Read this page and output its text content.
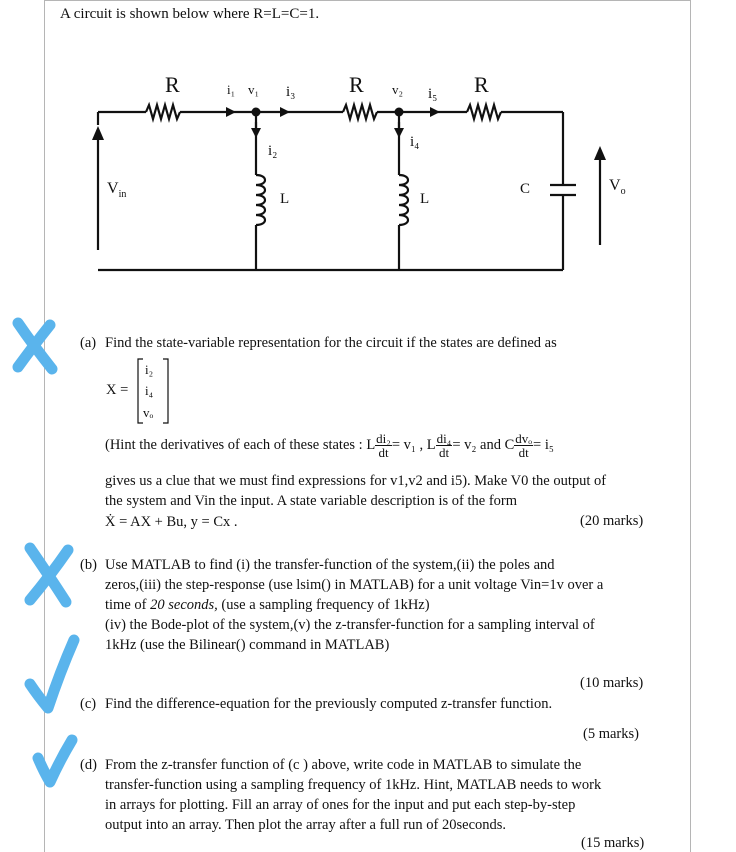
A circuit is shown below where R=L=C=1.
R	i₁ v₁ i₃ R v₂ i₅ R
i₂
i₄
L	L
C
$V_{in}$
$V_o$
(a) Find the state-variable representation for the circuit if the states are defined as
X =
i₂
i₄
vₒ
(Hint the derivatives of each of these states : L $\frac{\text{di₂}}{dt} = v_1$ , L $\frac{\text{di₄}}{dt} = v_2$ and C $\frac{\text{dvₒ}}{dt} = i_5$
gives us a clue that we must find expressions for v1,v2 and i5). Make V0 the output of
the system and Vin the input. A state variable description is of the form
Ẋ = AX + Bu, y = Cx .	(20 marks)
(b) Use MATLAB to find (i) the transfer-function of the system,(ii) the poles and
zeros,(iii) the step-response (use lsim() in MATLAB) for a unit voltage Vin=1v over a
time of 20 seconds, (use a sampling frequency of 1kHz)
(iv) the Bode-plot of the system,(v) the z-transfer-function for a sampling interval of
1kHz (use the Bilinear() command in MATLAB)
(10 marks)
(c) Find the difference-equation for the previously computed z-transfer function.
(5 marks)
(d) From the z-transfer function of (c ) above, write code in MATLAB to simulate the
transfer-function using a sampling frequency of 1kHz. Hint, MATLAB needs to work
in arrays for plotting. Fill an array of ones for the input and put each step-by-step
output into an array. Then plot the array after a full run of 20seconds.
(15 marks)
